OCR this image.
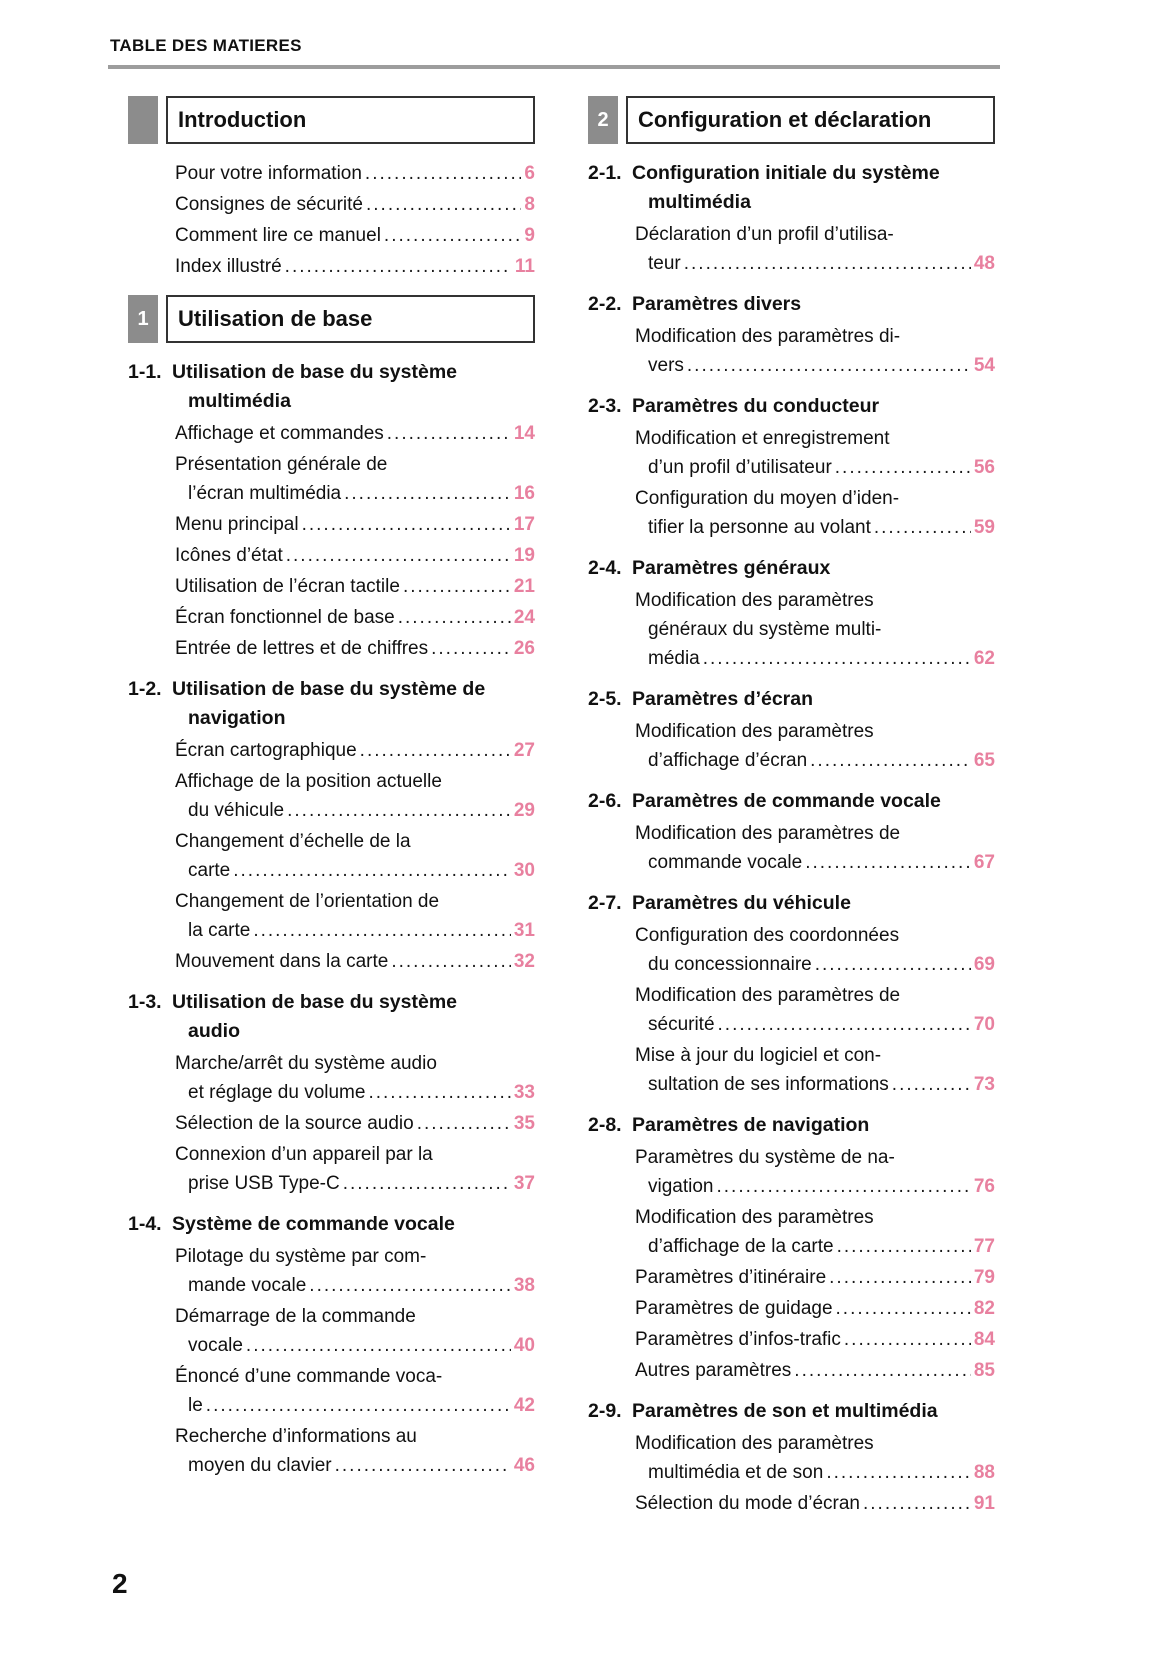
TABLE DES MATIERES
Introduction
Pour votre information .....	6
Consignes de sécurité .....	8
Comment lire ce manuel .....	9
Index illustré .....	11
1	Utilisation de base
1-1. Utilisation de base du système
multimédia
Affichage et commandes .....	14
Présentation générale de
l’écran multimédia .....	16
Menu principal .....	17
Icônes d’état .....	19
Utilisation de l’écran tactile .....	21
Écran fonctionnel de base .....	24
Entrée de lettres et de chiffres .....	26
1-2. Utilisation de base du système de
navigation
Écran cartographique .....	27
Affichage de la position actuelle
du véhicule .....	29
Changement d’échelle de la
carte .....	30
Changement de l’orientation de
la carte .....	31
Mouvement dans la carte .....	32
1-3. Utilisation de base du système
audio
Marche/arrêt du système audio
et réglage du volume .....	33
Sélection de la source audio .....	35
Connexion d’un appareil par la
prise USB Type-C .....	37
1-4. Système de commande vocale
Pilotage du système par com-
mande vocale .....	38
Démarrage de la commande
vocale .....	40
Énoncé d’une commande voca-
le .....	42
Recherche d’informations au
moyen du clavier .....	46
2	Configuration et déclaration
2-1. Configuration initiale du système
multimédia
Déclaration d’un profil d’utilisa-
teur .....	48
2-2. Paramètres divers
Modification des paramètres di-
vers .....	54
2-3. Paramètres du conducteur
Modification et enregistrement
d’un profil d’utilisateur .....	56
Configuration du moyen d’iden-
tifier la personne au volant .....	59
2-4. Paramètres généraux
Modification des paramètres
généraux du système multi-
média .....	62
2-5. Paramètres d’écran
Modification des paramètres
d’affichage d’écran .....	65
2-6. Paramètres de commande vocale
Modification des paramètres de
commande vocale .....	67
2-7. Paramètres du véhicule
Configuration des coordonnées
du concessionnaire .....	69
Modification des paramètres de
sécurité .....	70
Mise à jour du logiciel et con-
sultation de ses informations .....	73
2-8. Paramètres de navigation
Paramètres du système de na-
vigation .....	76
Modification des paramètres
d’affichage de la carte .....	77
Paramètres d’itinéraire .....	79
Paramètres de guidage .....	82
Paramètres d’infos-trafic .....	84
Autres paramètres .....	85
2-9. Paramètres de son et multimédia
Modification des paramètres
multimédia et de son .....	88
Sélection du mode d’écran .....	91
2
